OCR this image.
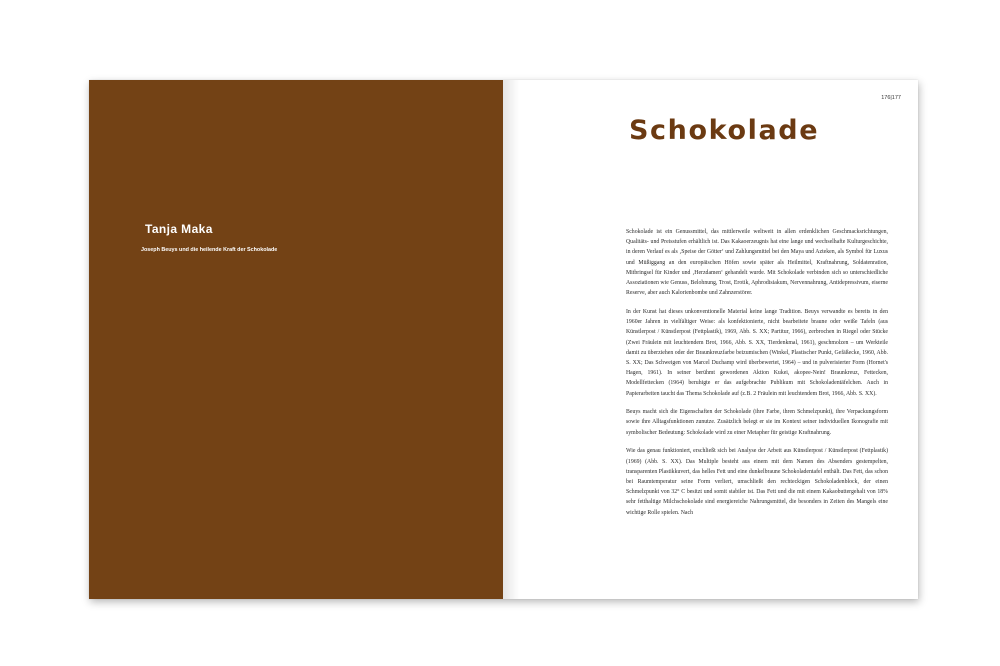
Tanja Maka
Joseph Beuys und die heilende Kraft der Schokolade
176|177
Schokolade

Schokolade ist ein Genussmittel, das mittlerweile weltweit in allen erdenklichen Geschmacksrichtungen, Qualitäts- und Preisstufen erhältlich ist. Das Kakaoerzeugnis hat eine lange und wechselhafte Kulturgeschichte, in deren Verlauf es als ‚Speise der Götter‘ und Zahlungsmittel bei den Maya und Azteken, als Symbol für Luxus und Müßiggang an den europäischen Höfen sowie später als Heilmittel, Kraftnahrung, Soldatenration, Mitbringsel für Kinder und ‚Herzdamen‘ gehandelt wurde. Mit Schokolade verbinden sich so unterschiedliche Assoziationen wie Genuss, Belohnung, Trost, Erotik, Aphrodisiakum, Nervennahrung, Antidepressivum, eiserne Reserve, aber auch Kalorienbombe und Zahnzerstörer.

In der Kunst hat dieses unkonventionelle Material keine lange Tradition. Beuys verwandte es bereits in den 1960er Jahren in vielfältiger Weise: als konfektionierte, nicht bearbeitete braune oder weiße Tafeln (aus Künstlerpost / Künstlerpost (Fettplastik), 1969, Abb. S. XX; Partitur, 1966), zerbrochen in Riegel oder Stücke (Zwei Fräulein mit leuchtendem Brot, 1966, Abb. S. XX, Tierdenkmal, 1961), geschmolzen – um Werkteile damit zu überziehen oder der Braunkreuzfarbe beizumischen (Winkel, Plastischer Punkt, Gefäßecke, 1960, Abb. S. XX; Das Schweigen von Marcel Duchamp wird überbewertet, 1964) – und in pulverisierter Form (Hornet's Hagen, 1961). In seiner berühmt gewordenen Aktion Kukei, akopee-Nein! Braunkreuz, Fettecken, Modellfettecken (1964) beruhigte er das aufgebrachte Publikum mit Schokoladentäfelchen. Auch in Papierarbeiten taucht das Thema Schokolade auf (z.B. 2 Fräulein mit leuchtendem Brot, 1966, Abb. S. XX).

Beuys macht sich die Eigenschaften der Schokolade (ihre Farbe, ihren Schmelzpunkt), ihre Verpackungsform sowie ihre Alltagsfunktionen zunutze. Zusätzlich belegt er sie im Kontext seiner individuellen Ikonografie mit symbolischer Bedeutung: Schokolade wird zu einer Metapher für geistige Kraftnahrung.

Wie das genau funktioniert, erschließt sich bei Analyse der Arbeit aus Künstlerpost / Künstlerpost (Fettplastik) (1969) (Abb. S. XX). Das Multiple besteht aus einem mit dem Namen des Absenders gestempelten, transparenten Plastikkuvert, das helles Fett und eine dunkelbraune Schokoladentafel enthält. Das Fett, das schon bei Raumtemperatur seine Form verliert, umschließt den rechteckigen Schokoladenblock, der einen Schmelzpunkt von 32° C besitzt und somit stabiler ist. Das Fett und die mit einem Kakaobuttergehalt von 18% sehr fetthaltige Milchschokolade sind energiereiche Nahrungsmittel, die besonders in Zeiten des Mangels eine wichtige Rolle spielen. Nach
